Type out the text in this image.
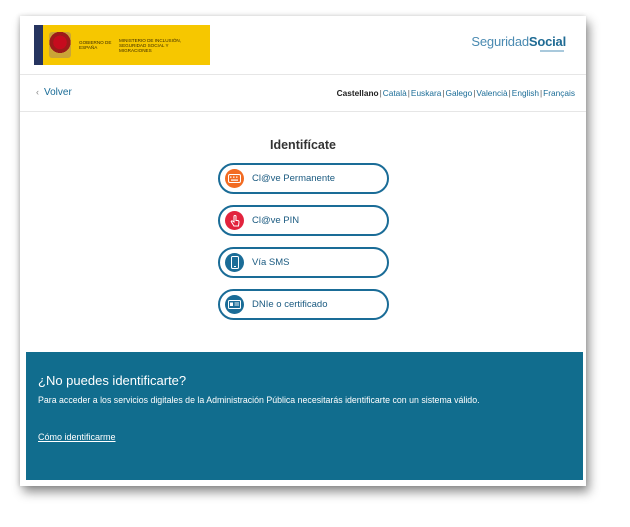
GOBIERNO DE ESPAÑA
MINISTERIO DE INCLUSIÓN, SEGURIDAD SOCIAL Y MIGRACIONES
SeguridadSocial
‹ Volver	Castellano|Català|Euskara|Galego|Valencià|English|Français
Identifícate
Cl@ve Permanente
Cl@ve PIN
Vía SMS
DNIe o certificado
¿No puedes identificarte?

Para acceder a los servicios digitales de la Administración Pública necesitarás identificarte con un sistema válido.

Cómo identificarme
